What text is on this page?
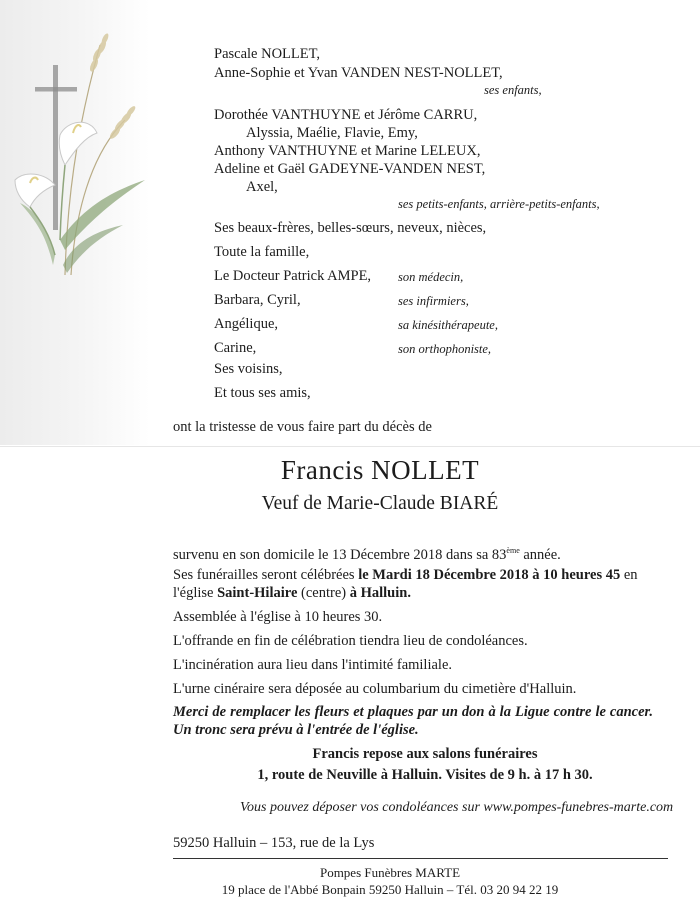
Pascale NOLLET,
Anne-Sophie et Yvan VANDEN NEST-NOLLET,
ses enfants,
Dorothée VANTHUYNE et Jérôme CARRU,
Alyssia, Maélie, Flavie, Emy,
Anthony VANTHUYNE et Marine LELEUX,
Adeline et Gaël GADEYNE-VANDEN NEST,
Axel,
ses petits-enfants, arrière-petits-enfants,
Ses beaux-frères, belles-sœurs, neveux, nièces,
Toute la famille,
Le Docteur Patrick AMPE, son médecin,
Barbara, Cyril,	ses infirmiers,
Angélique,	sa kinésithérapeute,
Carine,	son orthophoniste,
Ses voisins,
Et tous ses amis,
ont la tristesse de vous faire part du décès de
Francis NOLLET
Veuf de Marie-Claude BIARÉ
survenu en son domicile le 13 Décembre 2018 dans sa 83ème année.
Ses funérailles seront célébrées le Mardi 18 Décembre 2018 à 10 heures 45 en
l'église Saint-Hilaire (centre) à Halluin.
Assemblée à l'église à 10 heures 30.
L'offrande en fin de célébration tiendra lieu de condoléances.
L'incinération aura lieu dans l'intimité familiale.
L'urne cinéraire sera déposée au columbarium du cimetière d'Halluin.
Merci de remplacer les fleurs et plaques par un don à la Ligue contre le cancer. Un tronc sera prévu à l'entrée de l'église.
Francis repose aux salons funéraires
1, route de Neuville à Halluin. Visites de 9 h. à 17 h 30.
Vous pouvez déposer vos condoléances sur www.pompes-funebres-marte.com
59250 Halluin – 153, rue de la Lys
Pompes Funèbres MARTE
19 place de l'Abbé Bonpain 59250 Halluin – Tél. 03 20 94 22 19
